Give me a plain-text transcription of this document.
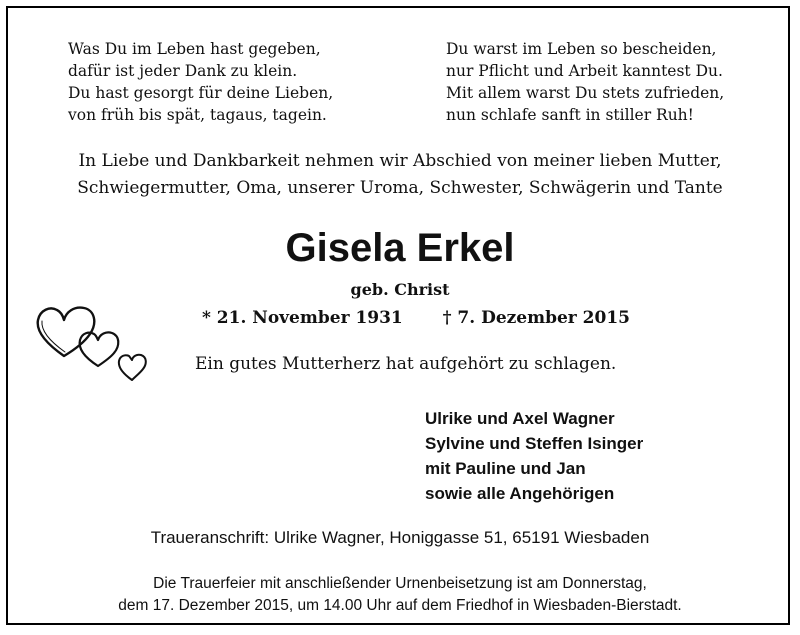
Was Du im Leben hast gegeben,
dafür ist jeder Dank zu klein.
Du hast gesorgt für deine Lieben,
von früh bis spät, tagaus, tagein.
Du warst im Leben so bescheiden,
nur Pflicht und Arbeit kanntest Du.
Mit allem warst Du stets zufrieden,
nun schlafe sanft in stiller Ruh!
In Liebe und Dankbarkeit nehmen wir Abschied von meiner lieben Mutter,
Schwiegermutter, Oma, unserer Uroma, Schwester, Schwägerin und Tante
Gisela Erkel
geb. Christ
* 21. November 1931 † 7. Dezember 2015
Ein gutes Mutterherz hat aufgehört zu schlagen.
Ulrike und Axel Wagner
Sylvine und Steffen Isinger
mit Pauline und Jan
sowie alle Angehörigen
Traueranschrift: Ulrike Wagner, Honiggasse 51, 65191 Wiesbaden
Die Trauerfeier mit anschließender Urnenbeisetzung ist am Donnerstag,
dem 17. Dezember 2015, um 14.00 Uhr auf dem Friedhof in Wiesbaden-Bierstadt.
